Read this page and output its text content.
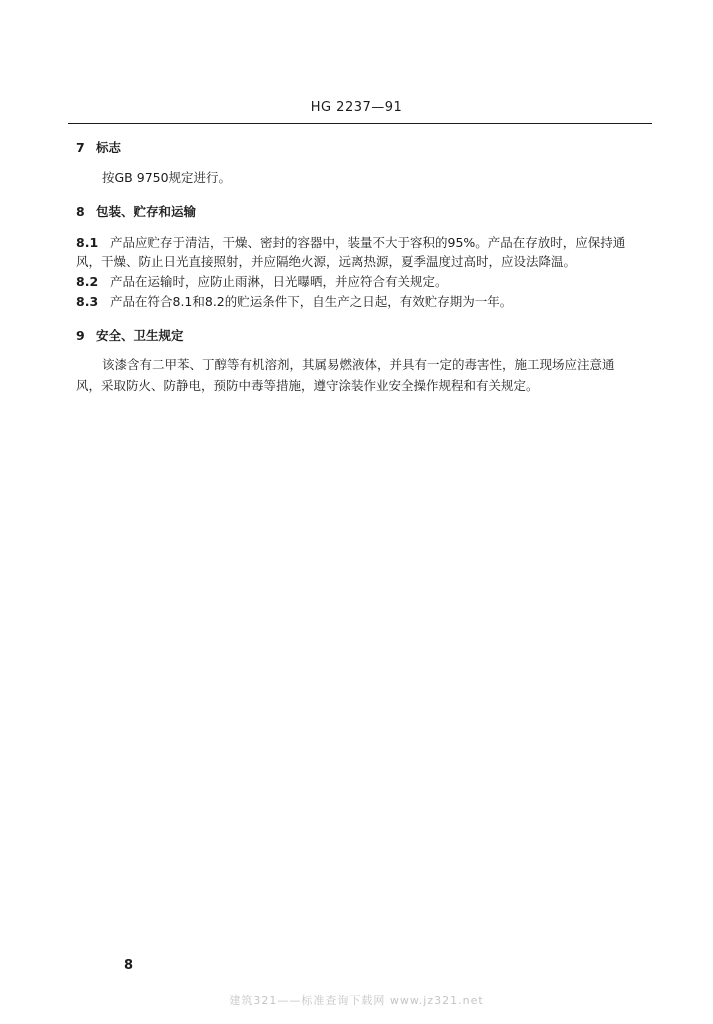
HG 2237—91
7 标志
按GB 9750规定进行。
8 包装、贮存和运输
8.1 产品应贮存于清洁，干燥、密封的容器中，装量不大于容积的95%。产品在存放时，应保持通
风，干燥、防止日光直接照射，并应隔绝火源，远离热源，夏季温度过高时，应设法降温。
8.2 产品在运输时，应防止雨淋，日光曝晒，并应符合有关规定。
8.3 产品在符合8.1和8.2的贮运条件下，自生产之日起，有效贮存期为一年。
9 安全、卫生规定
该漆含有二甲苯、丁醇等有机溶剂，其属易燃液体，并具有一定的毒害性，施工现场应注意通
风，采取防火、防静电，预防中毒等措施，遵守涂装作业安全操作规程和有关规定。
8
建筑321——标准查询下载网 www.jz321.net
